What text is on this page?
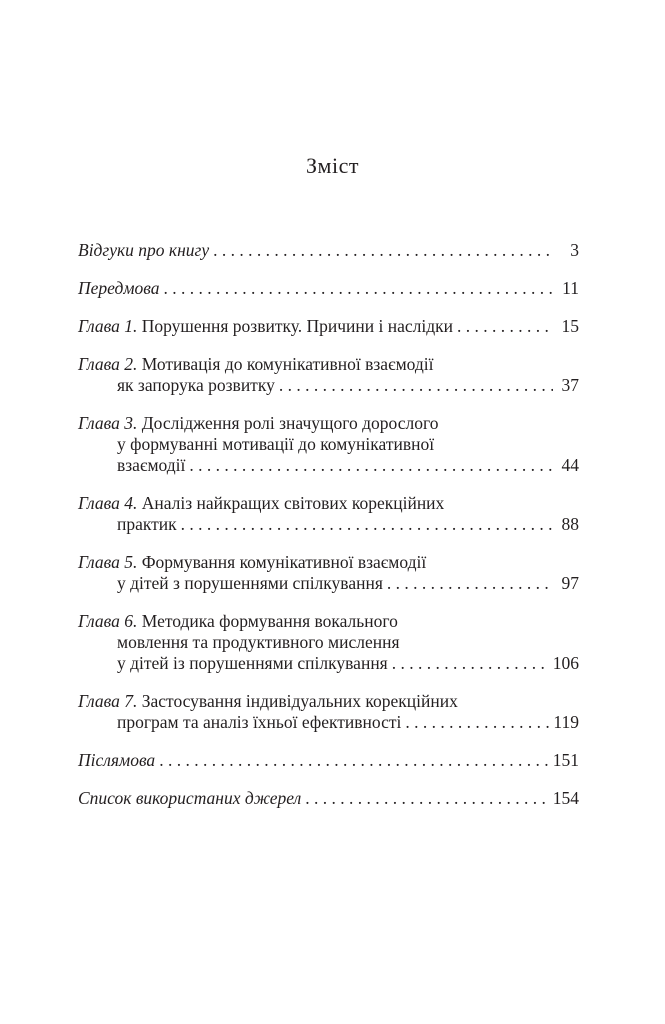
Зміст
Відгуки про книгу . . .	3
Передмова . . .	11
Глава 1.
Порушення розвитку. Причини і наслідки . . .	15
Глава 2.
Мотивація до комунікативної взаємодії
як запорука розвитку . . .	37
Глава 3.
Дослідження ролі значущого дорослого
у формуванні мотивації до комунікативної
взаємодії . . .	44
Глава 4.
Аналіз найкращих світових корекційних
практик . . .	88
Глава 5.
Формування комунікативної взаємодії
у дітей з порушеннями спілкування . . .	97
Глава 6.
Методика формування вокального
мовлення та продуктивного мислення
у дітей із порушеннями спілкування . . .	106
Глава 7.
Застосування індивідуальних корекційних
програм та аналіз їхньої ефективності . . .	119
Післямова . . .	151
Список використаних джерел . . .	154
